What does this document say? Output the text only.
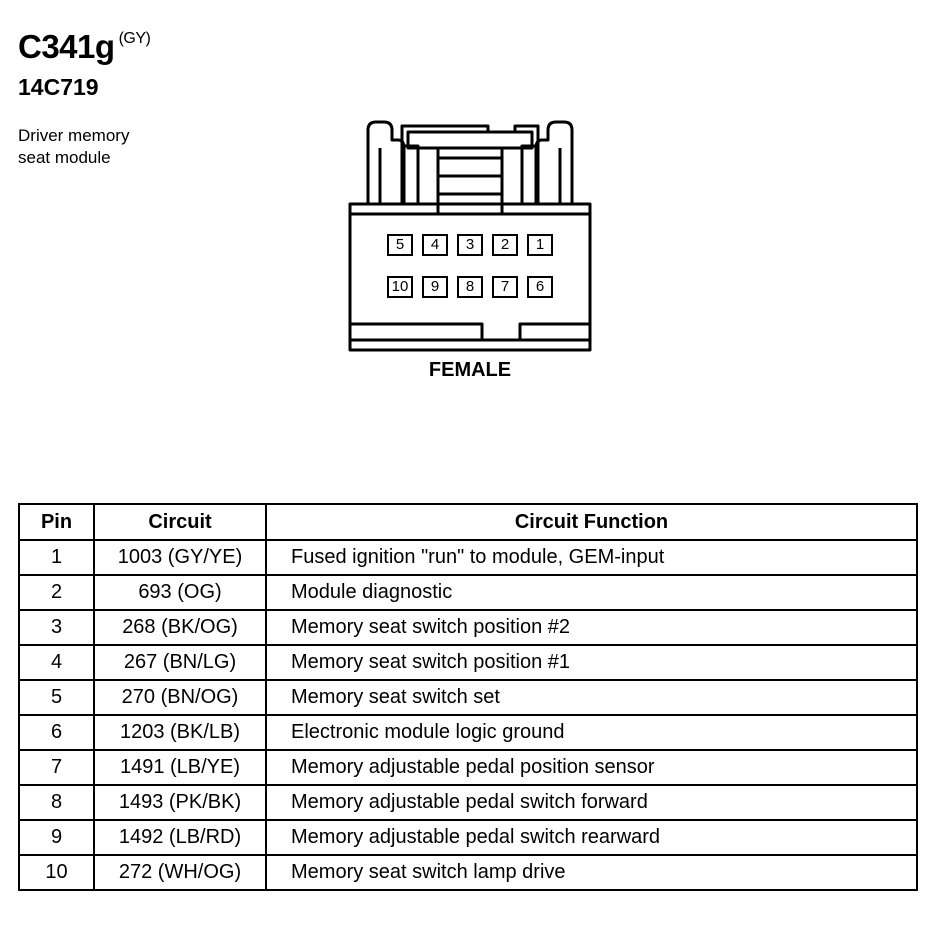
C341g $^{(GY)}$
14C719
Driver memory
seat module
5	4	3	2	1
10	9	8	7	6
FEMALE
Pin	Circuit	Circuit Function
1	1003 (GY/YE)	Fused ignition "run" to module, GEM-input
2	693 (OG)	Module diagnostic
3	268 (BK/OG)	Memory seat switch position #2
4	267 (BN/LG)	Memory seat switch position #1
5	270 (BN/OG)	Memory seat switch set
6	1203 (BK/LB)	Electronic module logic ground
7	1491 (LB/YE)	Memory adjustable pedal position sensor
8	1493 (PK/BK)	Memory adjustable pedal switch forward
9	1492 (LB/RD)	Memory adjustable pedal switch rearward
10	272 (WH/OG)	Memory seat switch lamp drive
